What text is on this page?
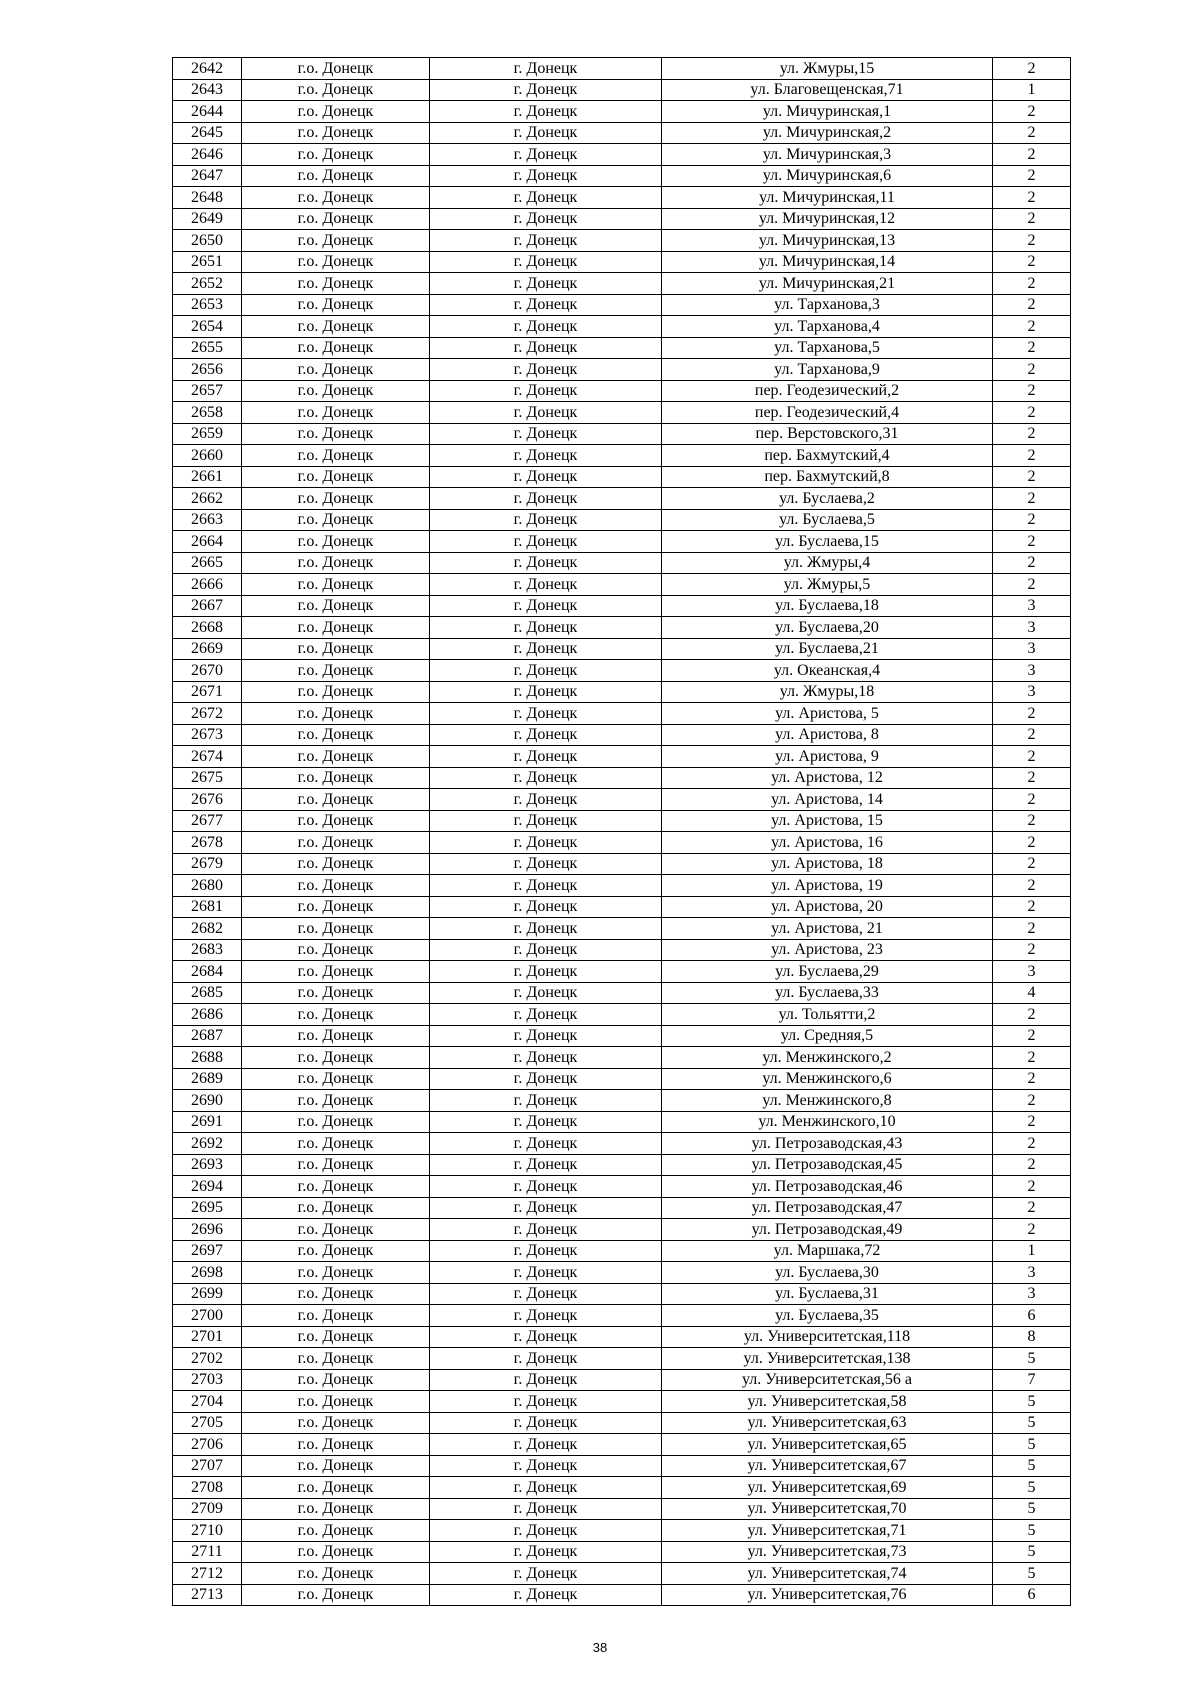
2642	г.о. Донецк	г. Донецк	ул. Жмуры,15	2
2643	г.о. Донецк	г. Донецк	ул. Благовещенская,71	1
2644	г.о. Донецк	г. Донецк	ул. Мичуринская,1	2
2645	г.о. Донецк	г. Донецк	ул. Мичуринская,2	2
2646	г.о. Донецк	г. Донецк	ул. Мичуринская,3	2
2647	г.о. Донецк	г. Донецк	ул. Мичуринская,6	2
2648	г.о. Донецк	г. Донецк	ул. Мичуринская,11	2
2649	г.о. Донецк	г. Донецк	ул. Мичуринская,12	2
2650	г.о. Донецк	г. Донецк	ул. Мичуринская,13	2
2651	г.о. Донецк	г. Донецк	ул. Мичуринская,14	2
2652	г.о. Донецк	г. Донецк	ул. Мичуринская,21	2
2653	г.о. Донецк	г. Донецк	ул. Тарханова,3	2
2654	г.о. Донецк	г. Донецк	ул. Тарханова,4	2
2655	г.о. Донецк	г. Донецк	ул. Тарханова,5	2
2656	г.о. Донецк	г. Донецк	ул. Тарханова,9	2
2657	г.о. Донецк	г. Донецк	пер. Геодезический,2	2
2658	г.о. Донецк	г. Донецк	пер. Геодезический,4	2
2659	г.о. Донецк	г. Донецк	пер. Верстовского,31	2
2660	г.о. Донецк	г. Донецк	пер. Бахмутский,4	2
2661	г.о. Донецк	г. Донецк	пер. Бахмутский,8	2
2662	г.о. Донецк	г. Донецк	ул. Буслаева,2	2
2663	г.о. Донецк	г. Донецк	ул. Буслаева,5	2
2664	г.о. Донецк	г. Донецк	ул. Буслаева,15	2
2665	г.о. Донецк	г. Донецк	ул. Жмуры,4	2
2666	г.о. Донецк	г. Донецк	ул. Жмуры,5	2
2667	г.о. Донецк	г. Донецк	ул. Буслаева,18	3
2668	г.о. Донецк	г. Донецк	ул. Буслаева,20	3
2669	г.о. Донецк	г. Донецк	ул. Буслаева,21	3
2670	г.о. Донецк	г. Донецк	ул. Океанская,4	3
2671	г.о. Донецк	г. Донецк	ул. Жмуры,18	3
2672	г.о. Донецк	г. Донецк	ул. Аристова, 5	2
2673	г.о. Донецк	г. Донецк	ул. Аристова, 8	2
2674	г.о. Донецк	г. Донецк	ул. Аристова, 9	2
2675	г.о. Донецк	г. Донецк	ул. Аристова, 12	2
2676	г.о. Донецк	г. Донецк	ул. Аристова, 14	2
2677	г.о. Донецк	г. Донецк	ул. Аристова, 15	2
2678	г.о. Донецк	г. Донецк	ул. Аристова, 16	2
2679	г.о. Донецк	г. Донецк	ул. Аристова, 18	2
2680	г.о. Донецк	г. Донецк	ул. Аристова, 19	2
2681	г.о. Донецк	г. Донецк	ул. Аристова, 20	2
2682	г.о. Донецк	г. Донецк	ул. Аристова, 21	2
2683	г.о. Донецк	г. Донецк	ул. Аристова, 23	2
2684	г.о. Донецк	г. Донецк	ул. Буслаева,29	3
2685	г.о. Донецк	г. Донецк	ул. Буслаева,33	4
2686	г.о. Донецк	г. Донецк	ул. Тольятти,2	2
2687	г.о. Донецк	г. Донецк	ул. Средняя,5	2
2688	г.о. Донецк	г. Донецк	ул. Менжинского,2	2
2689	г.о. Донецк	г. Донецк	ул. Менжинского,6	2
2690	г.о. Донецк	г. Донецк	ул. Менжинского,8	2
2691	г.о. Донецк	г. Донецк	ул. Менжинского,10	2
2692	г.о. Донецк	г. Донецк	ул. Петрозаводская,43	2
2693	г.о. Донецк	г. Донецк	ул. Петрозаводская,45	2
2694	г.о. Донецк	г. Донецк	ул. Петрозаводская,46	2
2695	г.о. Донецк	г. Донецк	ул. Петрозаводская,47	2
2696	г.о. Донецк	г. Донецк	ул. Петрозаводская,49	2
2697	г.о. Донецк	г. Донецк	ул. Маршака,72	1
2698	г.о. Донецк	г. Донецк	ул. Буслаева,30	3
2699	г.о. Донецк	г. Донецк	ул. Буслаева,31	3
2700	г.о. Донецк	г. Донецк	ул. Буслаева,35	6
2701	г.о. Донецк	г. Донецк	ул. Университетская,118	8
2702	г.о. Донецк	г. Донецк	ул. Университетская,138	5
2703	г.о. Донецк	г. Донецк	ул. Университетская,56 а	7
2704	г.о. Донецк	г. Донецк	ул. Университетская,58	5
2705	г.о. Донецк	г. Донецк	ул. Университетская,63	5
2706	г.о. Донецк	г. Донецк	ул. Университетская,65	5
2707	г.о. Донецк	г. Донецк	ул. Университетская,67	5
2708	г.о. Донецк	г. Донецк	ул. Университетская,69	5
2709	г.о. Донецк	г. Донецк	ул. Университетская,70	5
2710	г.о. Донецк	г. Донецк	ул. Университетская,71	5
2711	г.о. Донецк	г. Донецк	ул. Университетская,73	5
2712	г.о. Донецк	г. Донецк	ул. Университетская,74	5
2713	г.о. Донецк	г. Донецк	ул. Университетская,76	6
38
